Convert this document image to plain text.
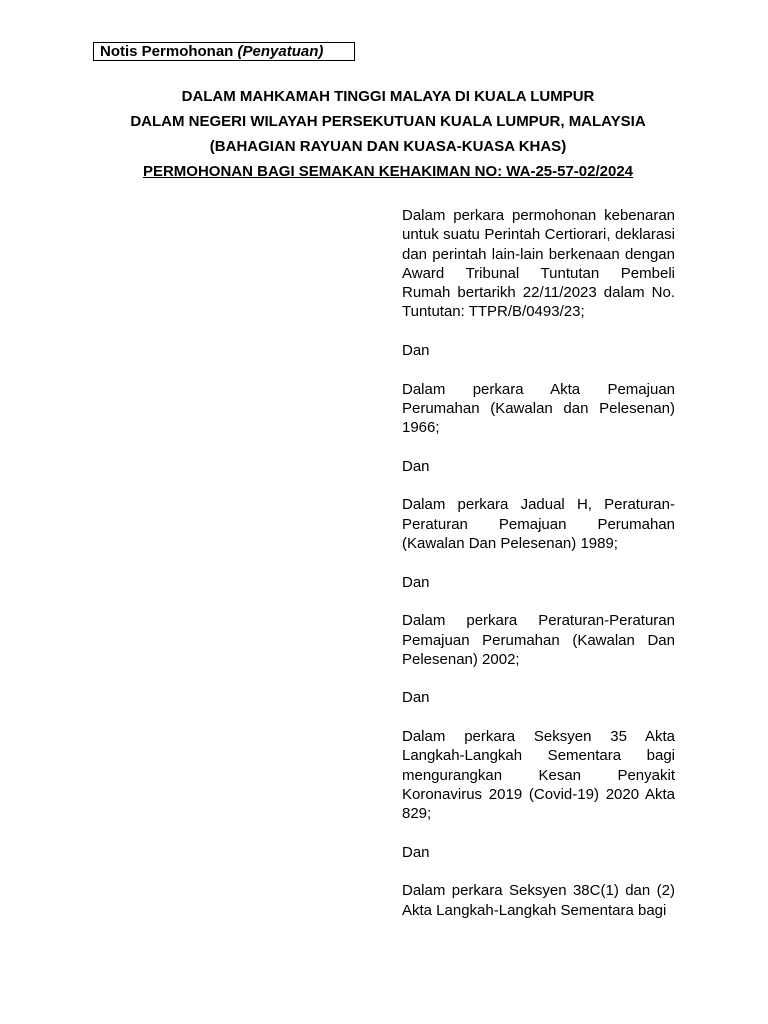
Notis Permohonan (Penyatuan)
DALAM MAHKAMAH TINGGI MALAYA DI KUALA LUMPUR
DALAM NEGERI WILAYAH PERSEKUTUAN KUALA LUMPUR, MALAYSIA
(BAHAGIAN RAYUAN DAN KUASA-KUASA KHAS)
PERMOHONAN BAGI SEMAKAN KEHAKIMAN NO: WA-25-57-02/2024

Dalam perkara permohonan kebenaran untuk suatu Perintah Certiorari, deklarasi dan perintah lain-lain berkenaan dengan Award Tribunal Tuntutan Pembeli Rumah bertarikh 22/11/2023 dalam No. Tuntutan: TTPR/B/0493/23;

Dan

Dalam perkara Akta Pemajuan Perumahan (Kawalan dan Pelesenan) 1966;

Dan

Dalam perkara Jadual H, Peraturan-Peraturan Pemajuan Perumahan (Kawalan Dan Pelesenan) 1989;

Dan

Dalam perkara Peraturan-Peraturan Pemajuan Perumahan (Kawalan Dan Pelesenan) 2002;

Dan

Dalam perkara Seksyen 35 Akta Langkah-Langkah Sementara bagi mengurangkan Kesan Penyakit Koronavirus 2019 (Covid-19) 2020 Akta 829;

Dan

Dalam perkara Seksyen 38C(1) dan (2) Akta Langkah-Langkah Sementara bagi
